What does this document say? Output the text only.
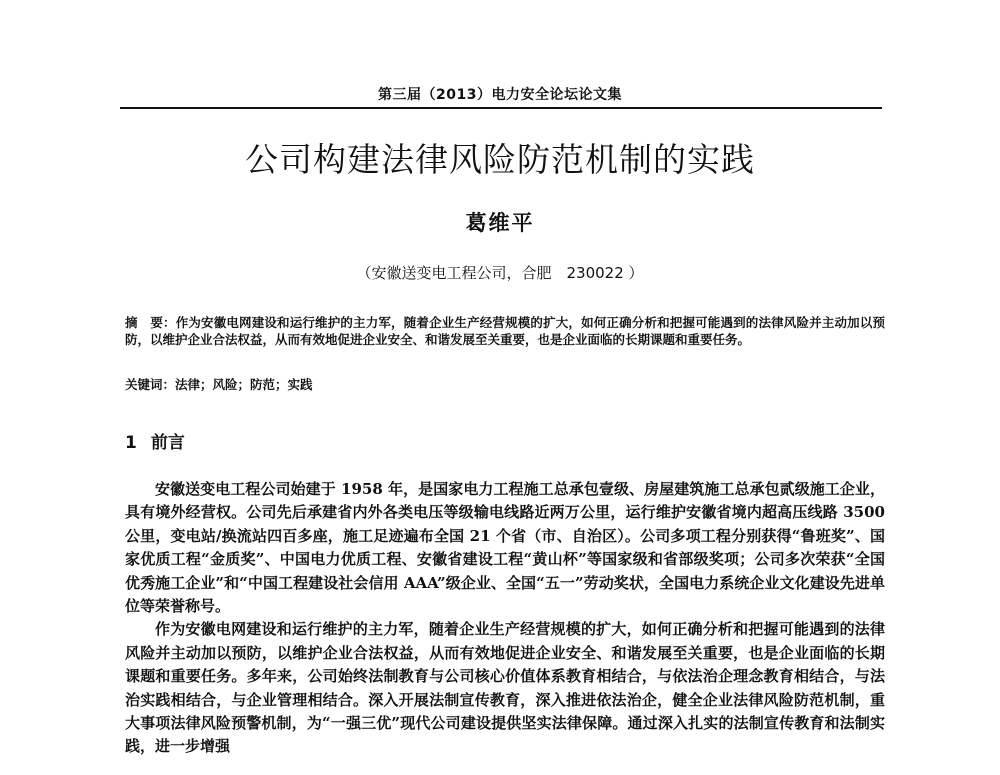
第三届（2013）电力安全论坛论文集
公司构建法律风险防范机制的实践
葛维平
（安徽送变电工程公司，合肥　230022 ）
摘　要：作为安徽电网建设和运行维护的主力军，随着企业生产经营规模的扩大，如何正确分析和把握可能遇到的法律风险并主动加以预防，以维护企业合法权益，从而有效地促进企业安全、和谐发展至关重要，也是企业面临的长期课题和重要任务。
关键词：法律；风险；防范；实践
1 前言

安徽送变电工程公司始建于 1958 年，是国家电力工程施工总承包壹级、房屋建筑施工总承包贰级施工企业，具有境外经营权。公司先后承建省内外各类电压等级输电线路近两万公里，运行维护安徽省境内超高压线路 3500 公里，变电站/换流站四百多座，施工足迹遍布全国 21 个省（市、自治区）。公司多项工程分别获得“鲁班奖”、国家优质工程“金质奖”、中国电力优质工程、安徽省建设工程“黄山杯”等国家级和省部级奖项；公司多次荣获“全国优秀施工企业”和“中国工程建设社会信用 AAA”级企业、全国“五一”劳动奖状，全国电力系统企业文化建设先进单位等荣誉称号。

作为安徽电网建设和运行维护的主力军，随着企业生产经营规模的扩大，如何正确分析和把握可能遇到的法律风险并主动加以预防，以维护企业合法权益，从而有效地促进企业安全、和谐发展至关重要，也是企业面临的长期课题和重要任务。多年来，公司始终法制教育与公司核心价值体系教育相结合，与依法治企理念教育相结合，与法治实践相结合，与企业管理相结合。深入开展法制宣传教育，深入推进依法治企，健全企业法律风险防范机制，重大事项法律风险预警机制，为“一强三优”现代公司建设提供坚实法律保障。通过深入扎实的法制宣传教育和法制实践，进一步增强
